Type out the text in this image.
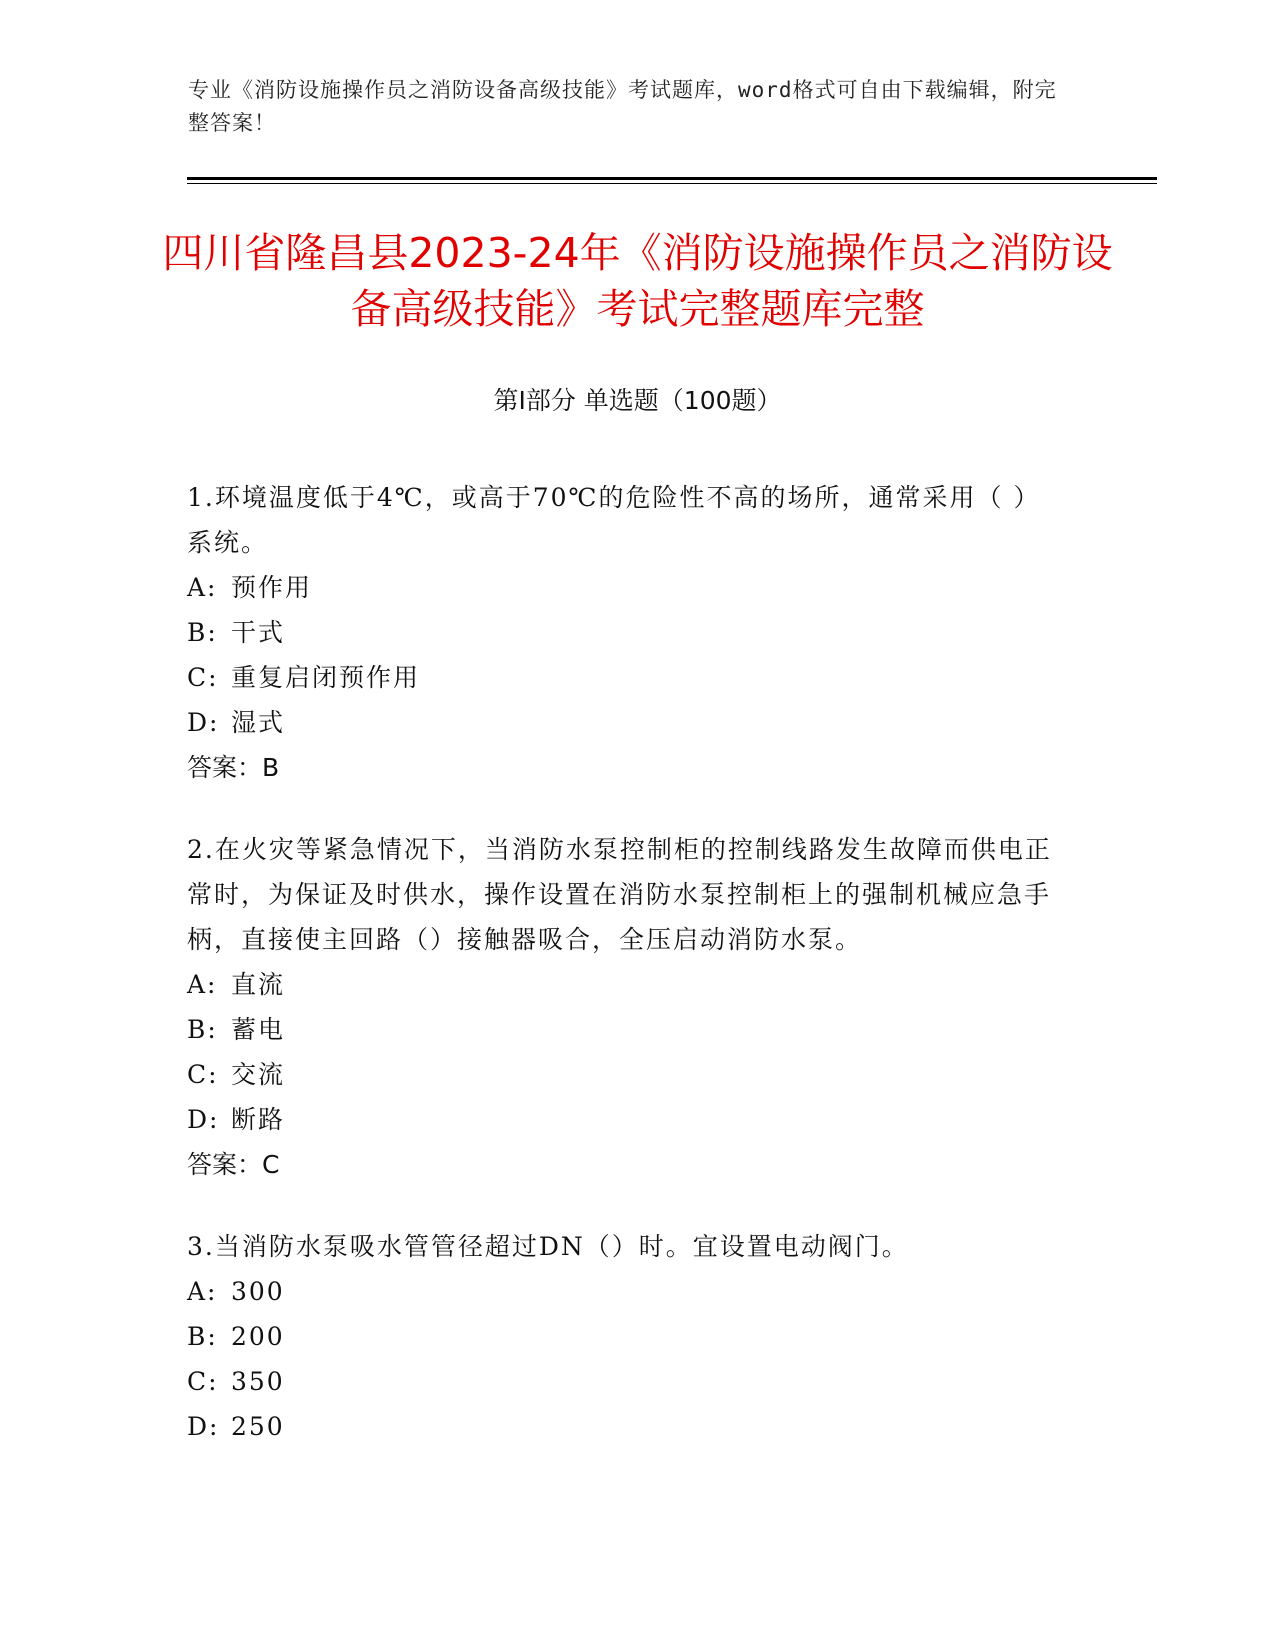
专业《消防设施操作员之消防设备高级技能》考试题库，word格式可自由下载编辑，附完整答案！
四川省隆昌县2023-24年《消防设施操作员之消防设备高级技能》考试完整题库完整
第Ⅰ部分 单选题（100题）

1.环境温度低于4℃，或高于70℃的危险性不高的场所，通常采用（ ）系统。

A: 预作用

B: 干式

C: 重复启闭预作用

D: 湿式

答案：B

2.在火灾等紧急情况下，当消防水泵控制柜的控制线路发生故障而供电正常时，为保证及时供水，操作设置在消防水泵控制柜上的强制机械应急手柄，直接使主回路（）接触器吸合，全压启动消防水泵。

A: 直流

B: 蓄电

C: 交流

D: 断路

答案：C

3.当消防水泵吸水管管径超过DN（）时。宜设置电动阀门。

A: 300

B: 200

C: 350

D: 250
